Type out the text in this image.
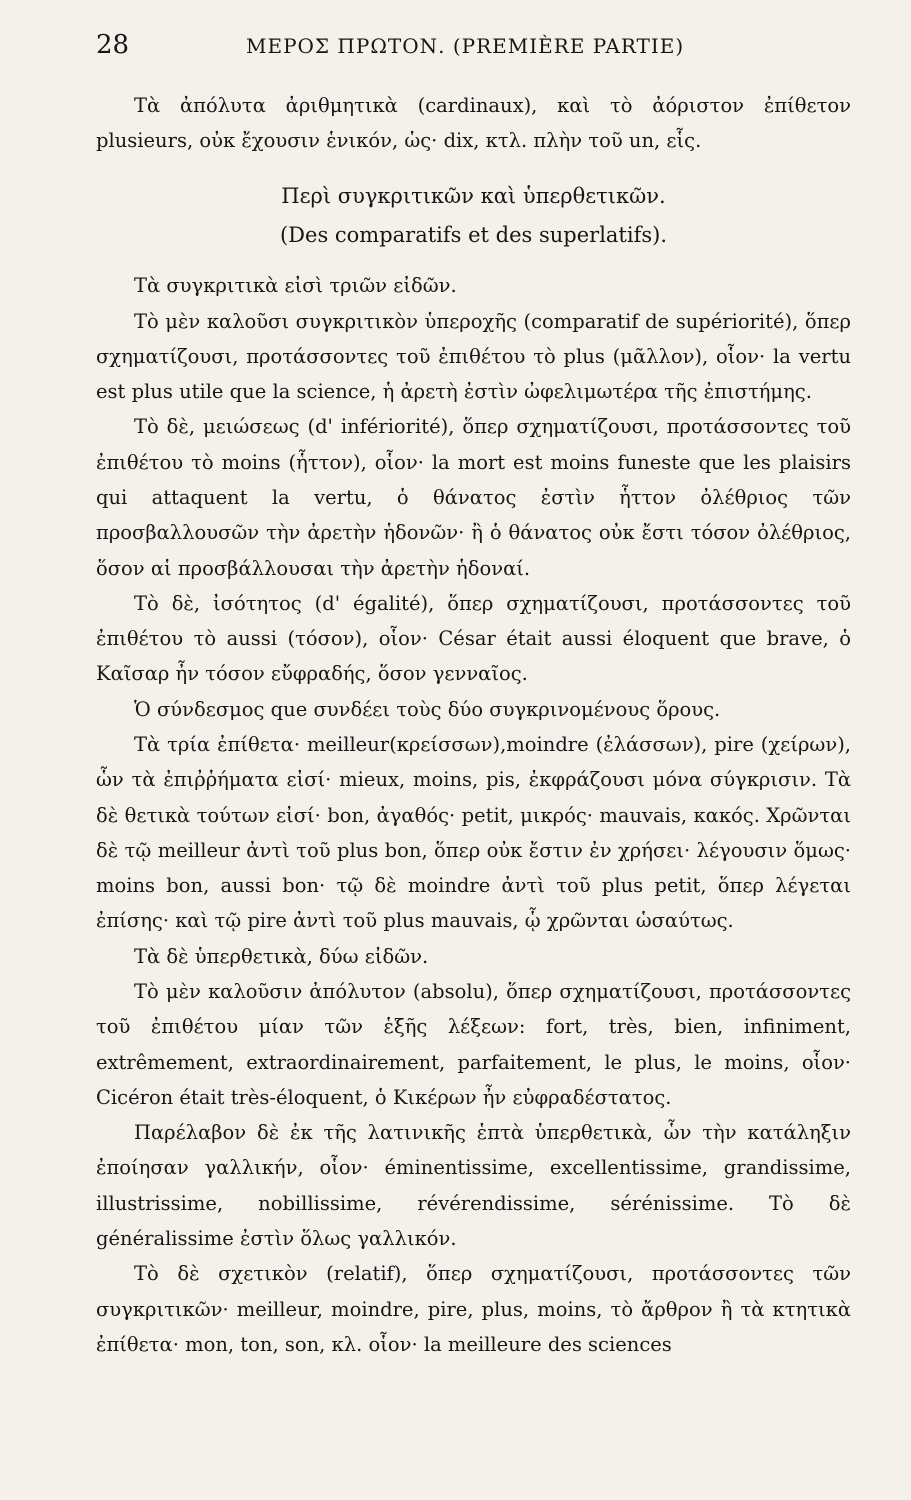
28	ΜΕΡΟΣ ΠΡΩΤΟΝ. (PREMIÈRE PARTIE)

Τὰ ἀπόλυτα ἀριθμητικὰ (cardinaux), καὶ τὸ ἀόριστον ἐπίθετον plusieurs, οὐκ ἔχουσιν ἑνικόν, ὡς· dix, κτλ. πλὴν τοῦ un, εἷς.

Περὶ συγκριτικῶν καὶ ὑπερθετικῶν.
(Des comparatifs et des superlatifs).

Τὰ συγκριτικὰ εἰσὶ τριῶν εἰδῶν.

Τὸ μὲν καλοῦσι συγκριτικὸν ὑπεροχῆς (comparatif de supériorité), ὅπερ σχηματίζουσι, προτάσσοντες τοῦ ἐπιθέτου τὸ plus (μᾶλλον), οἷον· la vertu est plus utile que la science, ἡ ἀρετὴ ἐστὶν ὠφελιμωτέρα τῆς ἐπιστήμης.

Τὸ δὲ, μειώσεως (d' infériorité), ὅπερ σχηματίζουσι, προτάσσοντες τοῦ ἐπιθέτου τὸ moins (ἧττον), οἷον· la mort est moins funeste que les plaisirs qui attaquent la vertu, ὁ θάνατος ἐστὶν ἧττον ὀλέθριος τῶν προσβαλλουσῶν τὴν ἀρετὴν ἡδονῶν· ἢ ὁ θάνατος οὐκ ἔστι τόσον ὀλέθριος, ὅσον αἱ προσβάλλουσαι τὴν ἀρετὴν ἡδοναί.

Τὸ δὲ, ἰσότητος (d' égalité), ὅπερ σχηματίζουσι, προτάσσοντες τοῦ ἐπιθέτου τὸ aussi (τόσον), οἷον· César était aussi éloquent que brave, ὁ Καῖσαρ ἦν τόσον εὔφραδής, ὅσον γενναῖος.

Ὁ σύνδεσμος que συνδέει τοὺς δύο συγκρινομένους ὅρους.

Τὰ τρία ἐπίθετα· meilleur(κρείσσων),moindre (ἐλάσσων), pire (χείρων), ὧν τὰ ἐπιῤῥήματα εἰσί· mieux, moins, pis, ἐκφράζουσι μόνα σύγκρισιν. Τὰ δὲ θετικὰ τούτων εἰσί· bon, ἀγαθός· petit, μικρός· mauvais, κακός. Χρῶνται δὲ τῷ meilleur ἀντὶ τοῦ plus bon, ὅπερ οὐκ ἔστιν ἐν χρήσει· λέγουσιν ὅμως· moins bon, aussi bon· τῷ δὲ moindre ἀντὶ τοῦ plus petit, ὅπερ λέγεται ἐπίσης· καὶ τῷ pire ἀντὶ τοῦ plus mauvais, ᾧ χρῶνται ὡσαύτως.

Τὰ δὲ ὑπερθετικὰ, δύω εἰδῶν.

Τὸ μὲν καλοῦσιν ἀπόλυτον (absolu), ὅπερ σχηματίζουσι, προτάσσοντες τοῦ ἐπιθέτου μίαν τῶν ἑξῆς λέξεων: fort, très, bien, infiniment, extrêmement, extraordinairement, parfaitement, le plus, le moins, οἷον· Cicéron était très-éloquent, ὁ Κικέρων ἦν εὐφραδέστατος.

Παρέλαβον δὲ ἐκ τῆς λατινικῆς ἑπτὰ ὑπερθετικὰ, ὧν τὴν κατάληξιν ἐποίησαν γαλλικήν, οἷον· éminentissime, excellentissime, grandissime, illustrissime, nobillissime, révérendissime, sérénissime. Τὸ δὲ généralissime ἐστὶν ὅλως γαλλικόν.

Τὸ δὲ σχετικὸν (relatif), ὅπερ σχηματίζουσι, προτάσσοντες τῶν συγκριτικῶν· meilleur, moindre, pire, plus, moins, τὸ ἄρθρον ἢ τὰ κτητικὰ ἐπίθετα· mon, ton, son, κλ. οἷον· la meilleure des sciences
